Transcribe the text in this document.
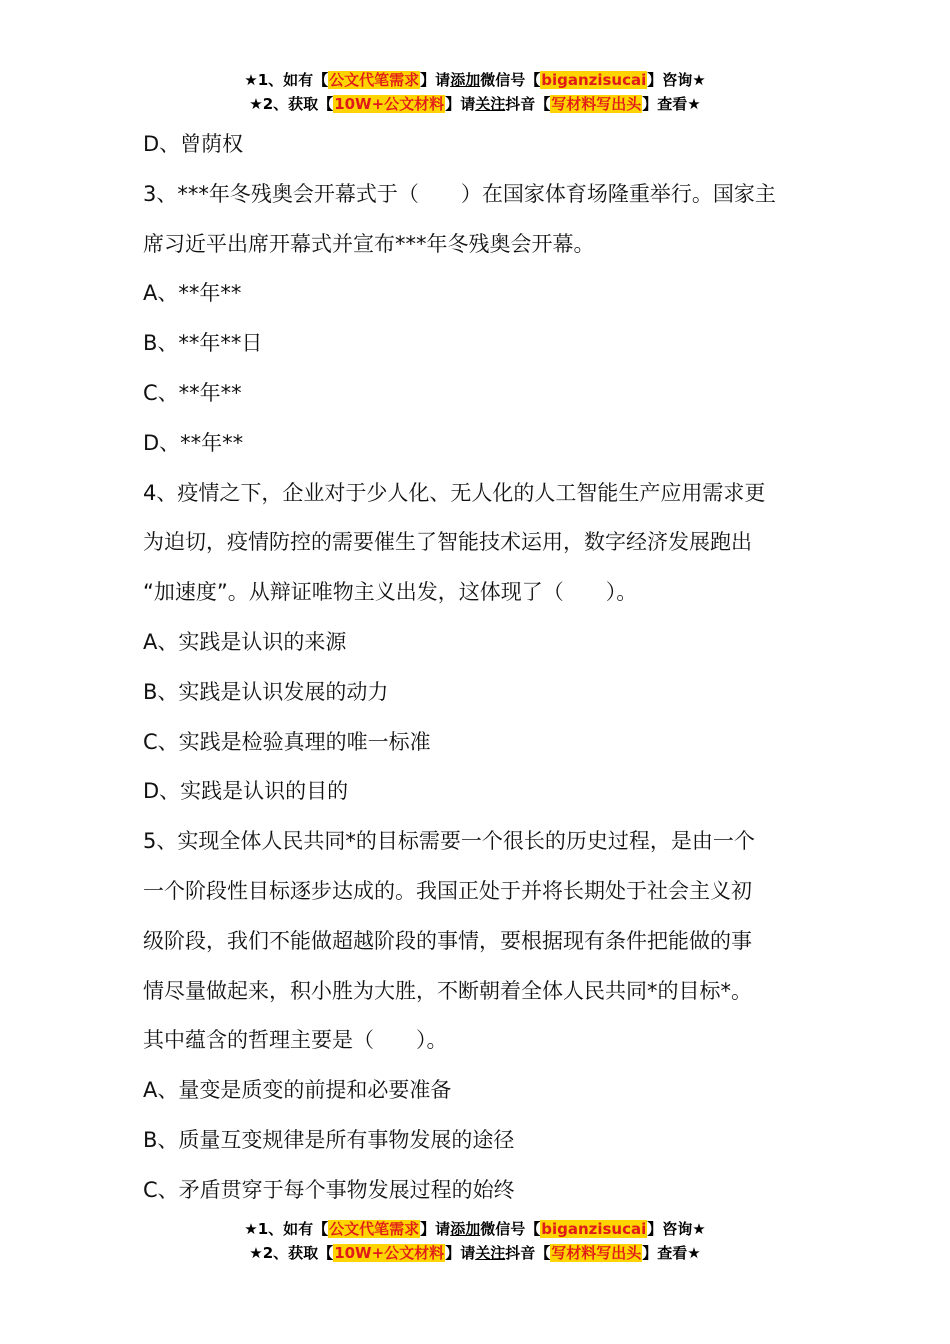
★1、如有【公文代笔需求】请添加微信号【biganzisucai】咨询★
★2、获取【10W+公文材料】请关注抖音【写材料写出头】查看★

D、曾荫权

3、***年冬残奥会开幕式于（　　）在国家体育场隆重举行。国家主

席习近平出席开幕式并宣布***年冬残奥会开幕。

A、**年**

B、**年**日

C、**年**

D、**年**

4、疫情之下，企业对于少人化、无人化的人工智能生产应用需求更

为迫切，疫情防控的需要催生了智能技术运用，数字经济发展跑出

“加速度”。从辩证唯物主义出发，这体现了（　　）。

A、实践是认识的来源

B、实践是认识发展的动力

C、实践是检验真理的唯一标准

D、实践是认识的目的

5、实现全体人民共同*的目标需要一个很长的历史过程，是由一个

一个阶段性目标逐步达成的。我国正处于并将长期处于社会主义初

级阶段，我们不能做超越阶段的事情，要根据现有条件把能做的事

情尽量做起来，积小胜为大胜，不断朝着全体人民共同*的目标*。

其中蕴含的哲理主要是（　　）。

A、量变是质变的前提和必要准备

B、质量互变规律是所有事物发展的途径

C、矛盾贯穿于每个事物发展过程的始终

★1、如有【公文代笔需求】请添加微信号【biganzisucai】咨询★
★2、获取【10W+公文材料】请关注抖音【写材料写出头】查看★
